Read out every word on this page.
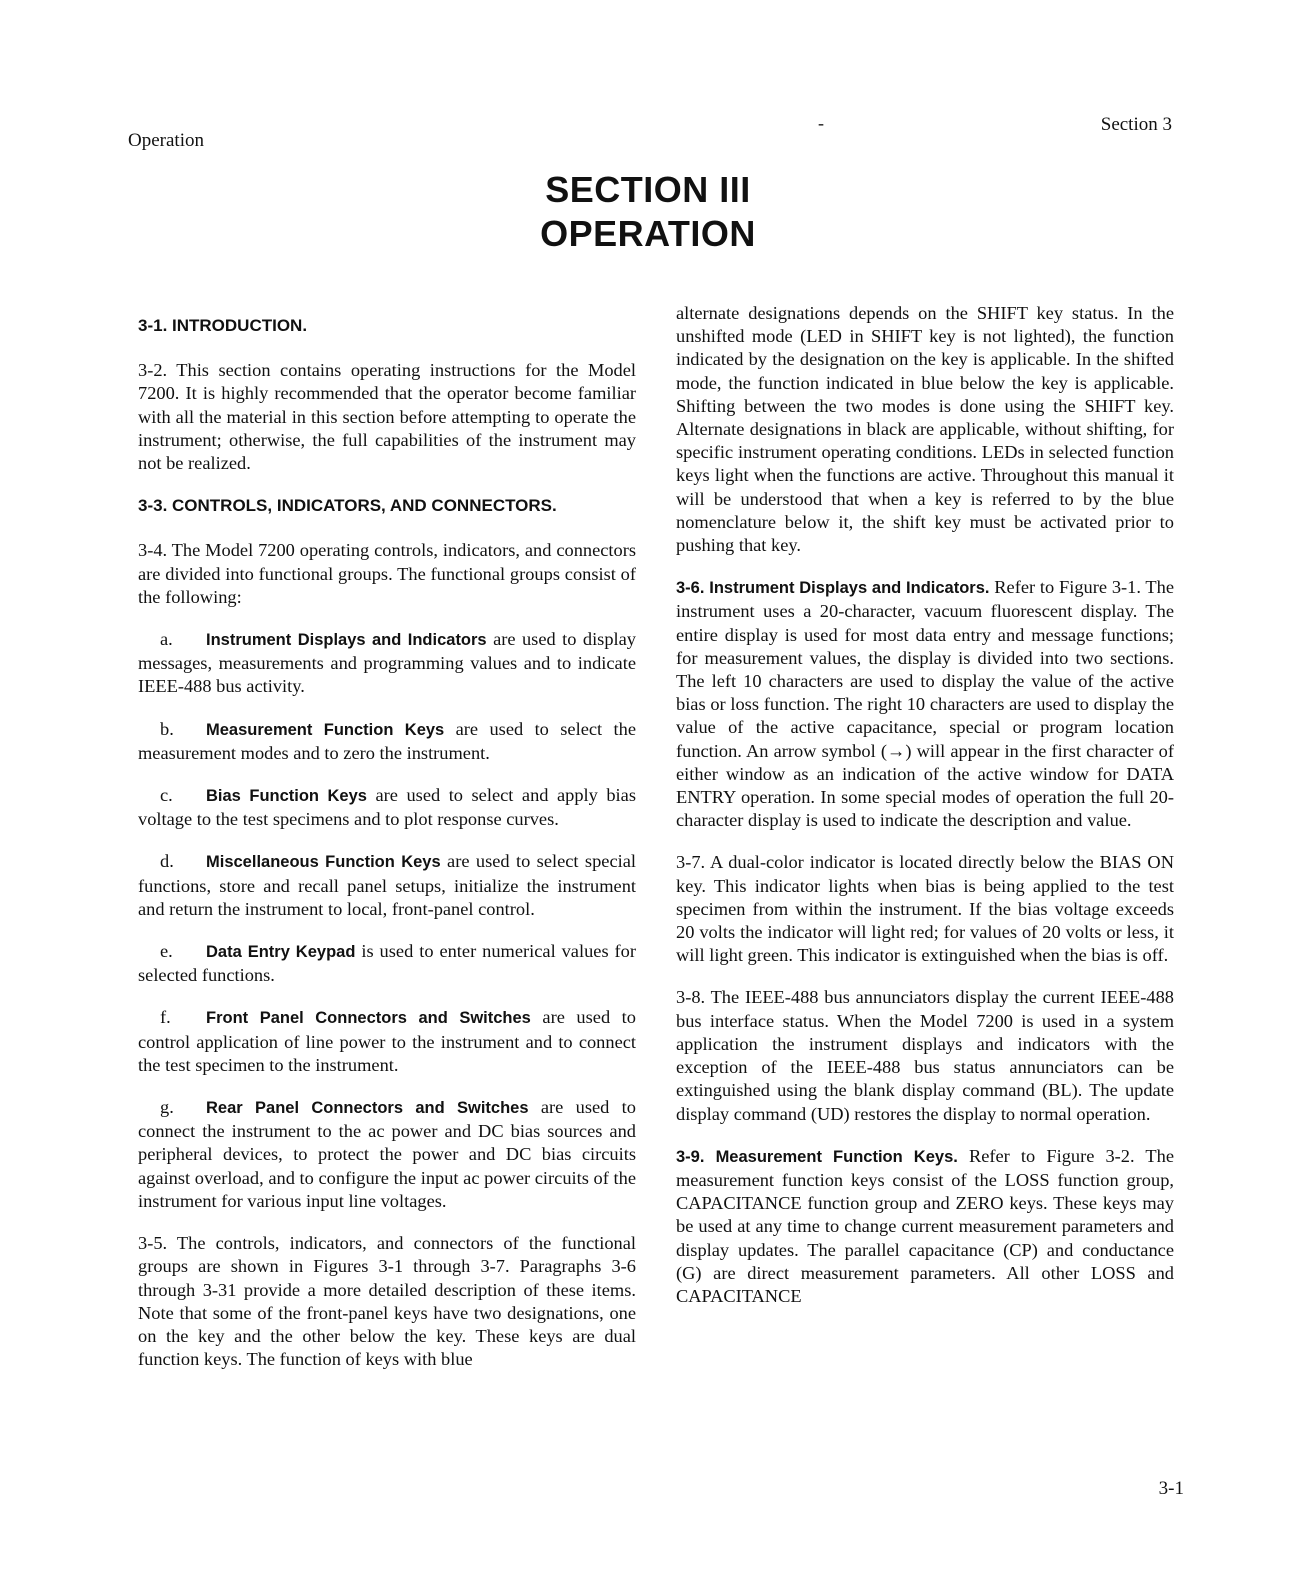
Operation
-	Section 3
SECTION III
OPERATION
3-1. INTRODUCTION.

3-2. This section contains operating instructions for the Model 7200. It is highly recommended that the operator become familiar with all the material in this section before attempting to operate the instrument; otherwise, the full capabilities of the instrument may not be realized.

3-3. CONTROLS, INDICATORS, AND CONNECTORS.

3-4. The Model 7200 operating controls, indicators, and connectors are divided into functional groups. The functional groups consist of the following:

a. Instrument Displays and Indicators are used to display messages, measurements and programming values and to indicate IEEE-488 bus activity.

b. Measurement Function Keys are used to select the measurement modes and to zero the instrument.

c. Bias Function Keys are used to select and apply bias voltage to the test specimens and to plot response curves.

d. Miscellaneous Function Keys are used to select special functions, store and recall panel setups, initialize the instrument and return the instrument to local, front-panel control.

e. Data Entry Keypad is used to enter numerical values for selected functions.

f. Front Panel Connectors and Switches are used to control application of line power to the instrument and to connect the test specimen to the instrument.

g. Rear Panel Connectors and Switches are used to connect the instrument to the ac power and DC bias sources and peripheral devices, to protect the power and DC bias circuits against overload, and to configure the input ac power circuits of the instrument for various input line voltages.

3-5. The controls, indicators, and connectors of the functional groups are shown in Figures 3-1 through 3-7. Paragraphs 3-6 through 3-31 provide a more detailed description of these items. Note that some of the front-panel keys have two designations, one on the key and the other below the key. These keys are dual function keys. The function of keys with blue

alternate designations depends on the SHIFT key status. In the unshifted mode (LED in SHIFT key is not lighted), the function indicated by the designation on the key is applicable. In the shifted mode, the function indicated in blue below the key is applicable. Shifting between the two modes is done using the SHIFT key. Alternate designations in black are applicable, without shifting, for specific instrument operating conditions. LEDs in selected function keys light when the functions are active. Throughout this manual it will be understood that when a key is referred to by the blue nomenclature below it, the shift key must be activated prior to pushing that key.

3-6. Instrument Displays and Indicators. Refer to Figure 3-1. The instrument uses a 20-character, vacuum fluorescent display. The entire display is used for most data entry and message functions; for measurement values, the display is divided into two sections. The left 10 characters are used to display the value of the active bias or loss function. The right 10 characters are used to display the value of the active capacitance, special or program location function. An arrow symbol (→) will appear in the first character of either window as an indication of the active window for DATA ENTRY operation. In some special modes of operation the full 20-character display is used to indicate the description and value.

3-7. A dual-color indicator is located directly below the BIAS ON key. This indicator lights when bias is being applied to the test specimen from within the instrument. If the bias voltage exceeds 20 volts the indicator will light red; for values of 20 volts or less, it will light green. This indicator is extinguished when the bias is off.

3-8. The IEEE-488 bus annunciators display the current IEEE-488 bus interface status. When the Model 7200 is used in a system application the instrument displays and indicators with the exception of the IEEE-488 bus status annunciators can be extinguished using the blank display command (BL). The update display command (UD) restores the display to normal operation.

3-9. Measurement Function Keys. Refer to Figure 3-2. The measurement function keys consist of the LOSS function group, CAPACITANCE function group and ZERO keys. These keys may be used at any time to change current measurement parameters and display updates. The parallel capacitance (CP) and conductance (G) are direct measurement parameters. All other LOSS and CAPACITANCE

3-1
